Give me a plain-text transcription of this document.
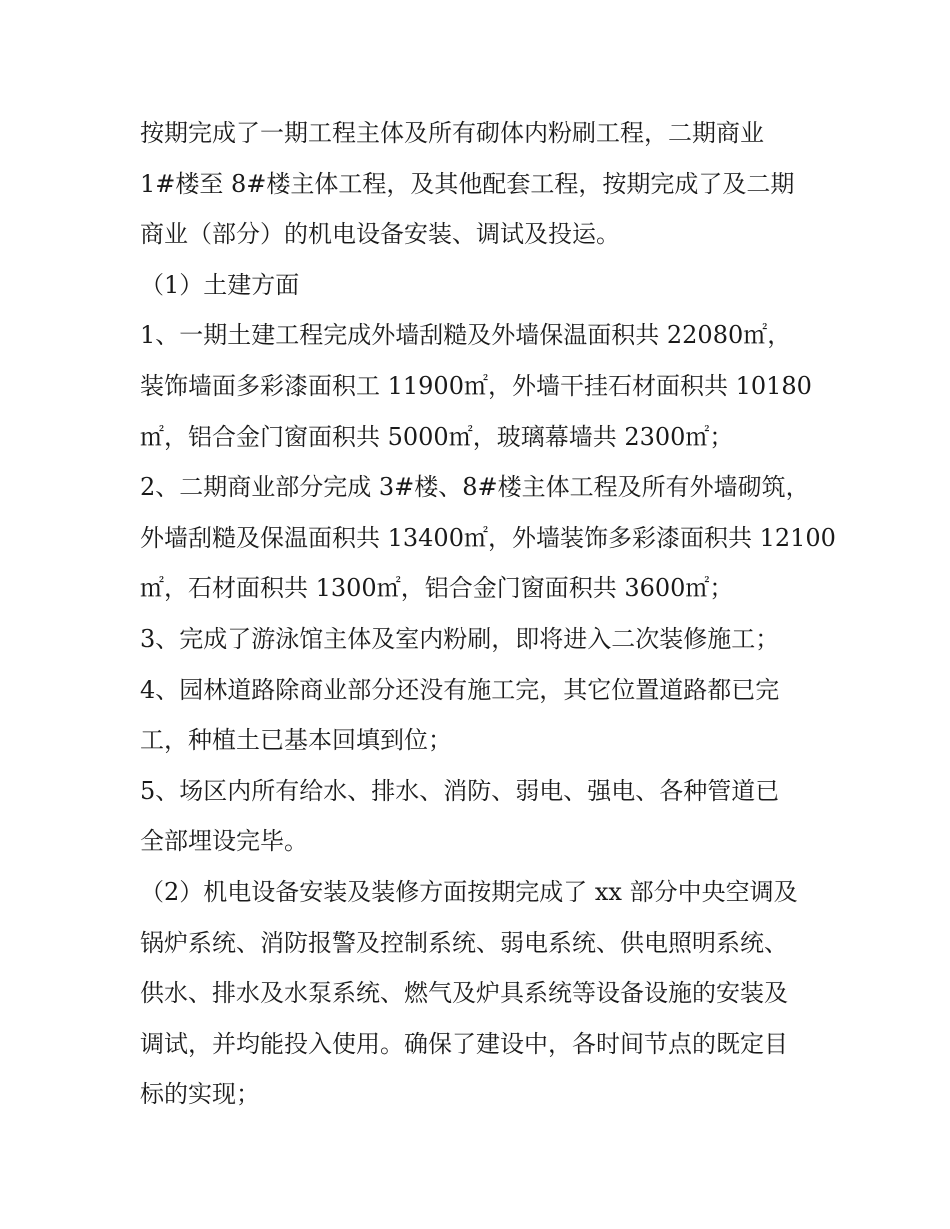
按期完成了一期工程主体及所有砌体内粉刷工程，二期商业
1#楼至 8#楼主体工程，及其他配套工程，按期完成了及二期
商业（部分）的机电设备安装、调试及投运。
（1）土建方面
1、一期土建工程完成外墙刮糙及外墙保温面积共 22080㎡，
装饰墙面多彩漆面积工 11900㎡，外墙干挂石材面积共 10180
㎡，铝合金门窗面积共 5000㎡，玻璃幕墙共 2300㎡；
2、二期商业部分完成 3#楼、8#楼主体工程及所有外墙砌筑，
外墙刮糙及保温面积共 13400㎡，外墙装饰多彩漆面积共 12100
㎡，石材面积共 1300㎡，铝合金门窗面积共 3600㎡；
3、完成了游泳馆主体及室内粉刷，即将进入二次装修施工；
4、园林道路除商业部分还没有施工完，其它位置道路都已完
工，种植土已基本回填到位；
5、场区内所有给水、排水、消防、弱电、强电、各种管道已
全部埋设完毕。
（2）机电设备安装及装修方面按期完成了 xx 部分中央空调及
锅炉系统、消防报警及控制系统、弱电系统、供电照明系统、
供水、排水及水泵系统、燃气及炉具系统等设备设施的安装及
调试，并均能投入使用。确保了建设中，各时间节点的既定目
标的实现；
